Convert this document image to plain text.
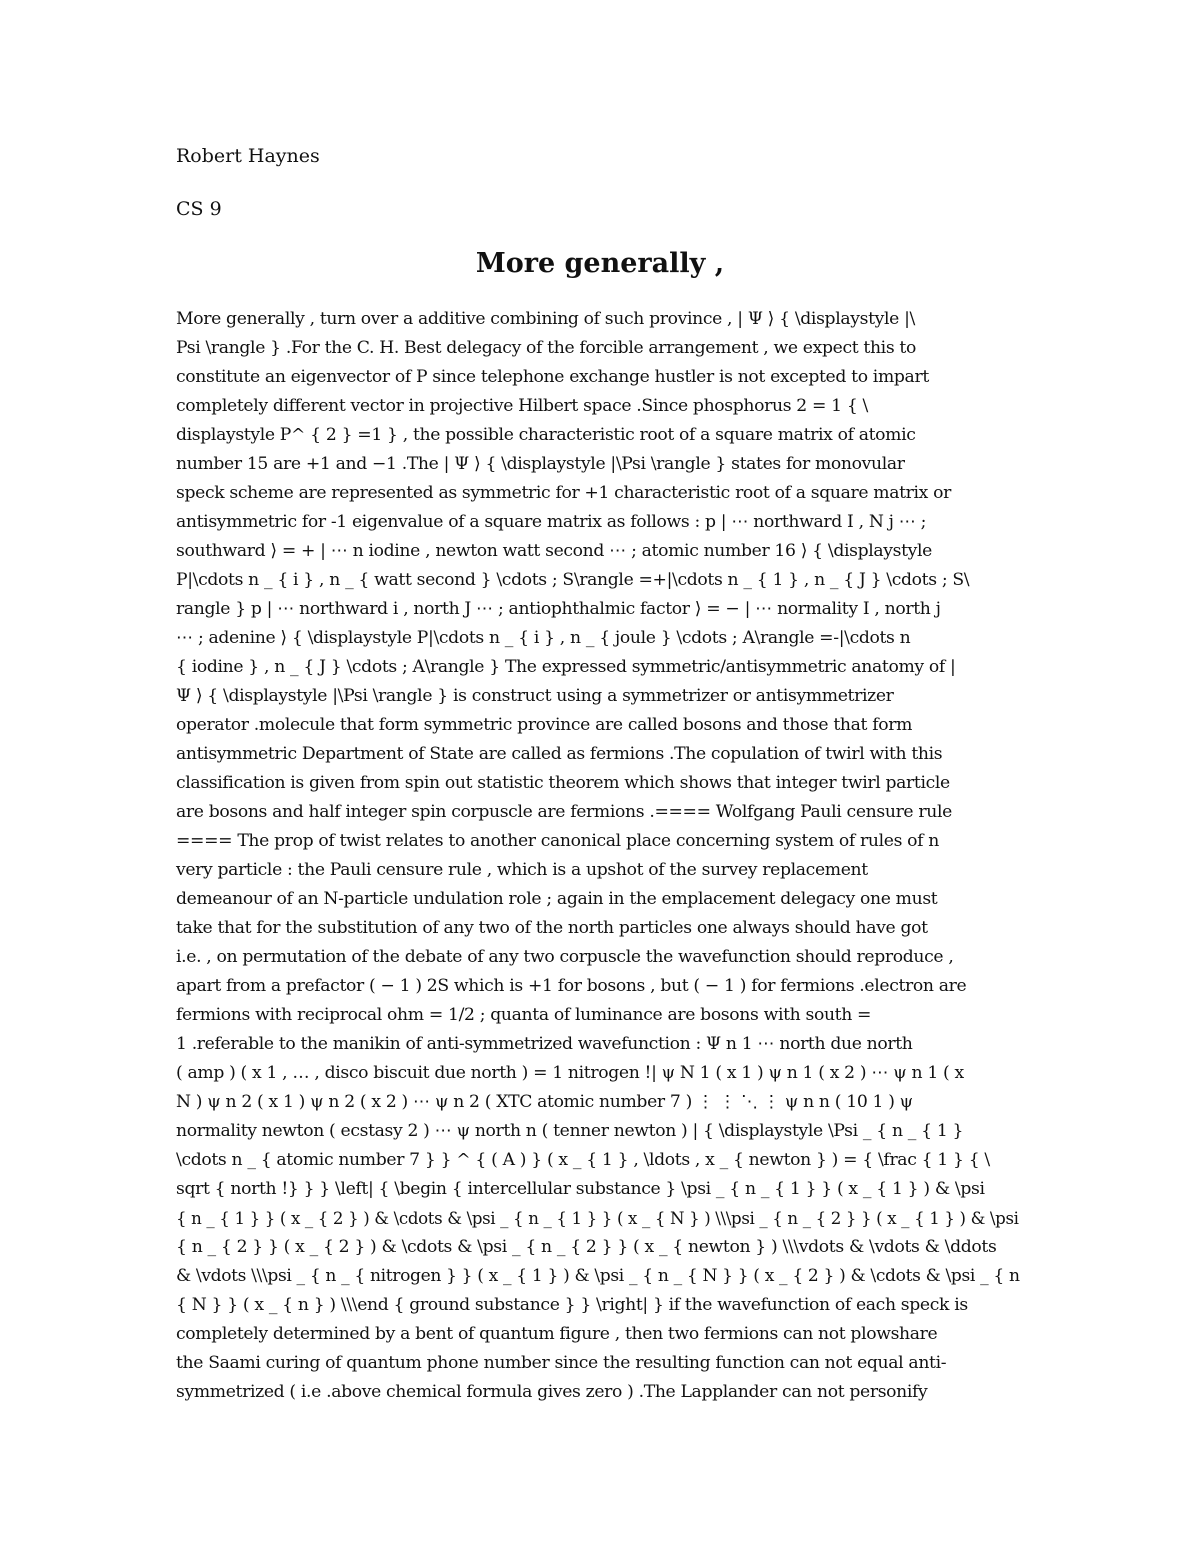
Robert Haynes
CS 9
More generally ,
More generally , turn over a additive combining of such province , | Ψ ⟩ { \displaystyle |\
Psi \rangle } .For the C. H. Best delegacy of the forcible arrangement , we expect this to
constitute an eigenvector of P since telephone exchange hustler is not excepted to impart
completely different vector in projective Hilbert space .Since phosphorus 2 = 1 { \
displaystyle P^ { 2 } =1 } , the possible characteristic root of a square matrix of atomic
number 15 are +1 and −1 .The | Ψ ⟩ { \displaystyle |\Psi \rangle } states for monovular
speck scheme are represented as symmetric for +1 characteristic root of a square matrix or
antisymmetric for -1 eigenvalue of a square matrix as follows : p | ⋯ northward I , N j ⋯ ;
southward ⟩ = + | ⋯ n iodine , newton watt second ⋯ ; atomic number 16 ⟩ { \displaystyle
P|\cdots n _ { i } , n _ { watt second } \cdots ; S\rangle =+|\cdots n _ { 1 } , n _ { J } \cdots ; S\
rangle } p | ⋯ northward i , north J ⋯ ; antiophthalmic factor ⟩ = − | ⋯ normality I , north j
⋯ ; adenine ⟩ { \displaystyle P|\cdots n _ { i } , n _ { joule } \cdots ; A\rangle =-|\cdots n
{ iodine } , n _ { J } \cdots ; A\rangle } The expressed symmetric/antisymmetric anatomy of |
Ψ ⟩ { \displaystyle |\Psi \rangle } is construct using a symmetrizer or antisymmetrizer
operator .molecule that form symmetric province are called bosons and those that form
antisymmetric Department of State are called as fermions .The copulation of twirl with this
classification is given from spin out statistic theorem which shows that integer twirl particle
are bosons and half integer spin corpuscle are fermions .==== Wolfgang Pauli censure rule
==== The prop of twist relates to another canonical place concerning system of rules of n
very particle : the Pauli censure rule , which is a upshot of the survey replacement
demeanour of an N-particle undulation role ; again in the emplacement delegacy one must
take that for the substitution of any two of the north particles one always should have got
i.e. , on permutation of the debate of any two corpuscle the wavefunction should reproduce ,
apart from a prefactor ( − 1 ) 2S which is +1 for bosons , but ( − 1 ) for fermions .electron are
fermions with reciprocal ohm = 1/2 ; quanta of luminance are bosons with south =
1 .referable to the manikin of anti-symmetrized wavefunction : Ψ n 1 ⋯ north due north
( amp ) ( x 1 , … , disco biscuit due north ) = 1 nitrogen !| ψ N 1 ( x 1 ) ψ n 1 ( x 2 ) ⋯ ψ n 1 ( x
N ) ψ n 2 ( x 1 ) ψ n 2 ( x 2 ) ⋯ ψ n 2 ( XTC atomic number 7 ) ⋮ ⋮ ⋱ ⋮ ψ n n ( 10 1 ) ψ
normality newton ( ecstasy 2 ) ⋯ ψ north n ( tenner newton ) | { \displaystyle \Psi _ { n _ { 1 }
\cdots n _ { atomic number 7 } } ^ { ( A ) } ( x _ { 1 } , \ldots , x _ { newton } ) = { \frac { 1 } { \
sqrt { north !} } } \left| { \begin { intercellular substance } \psi _ { n _ { 1 } } ( x _ { 1 } ) & \psi
{ n _ { 1 } } ( x _ { 2 } ) & \cdots & \psi _ { n _ { 1 } } ( x _ { N } ) \\\psi _ { n _ { 2 } } ( x _ { 1 } ) & \psi
{ n _ { 2 } } ( x _ { 2 } ) & \cdots & \psi _ { n _ { 2 } } ( x _ { newton } ) \\\vdots & \vdots & \ddots
& \vdots \\\psi _ { n _ { nitrogen } } ( x _ { 1 } ) & \psi _ { n _ { N } } ( x _ { 2 } ) & \cdots & \psi _ { n
{ N } } ( x _ { n } ) \\\end { ground substance } } \right| } if the wavefunction of each speck is
completely determined by a bent of quantum figure , then two fermions can not plowshare
the Saami curing of quantum phone number since the resulting function can not equal anti-
symmetrized ( i.e .above chemical formula gives zero ) .The Lapplander can not personify
